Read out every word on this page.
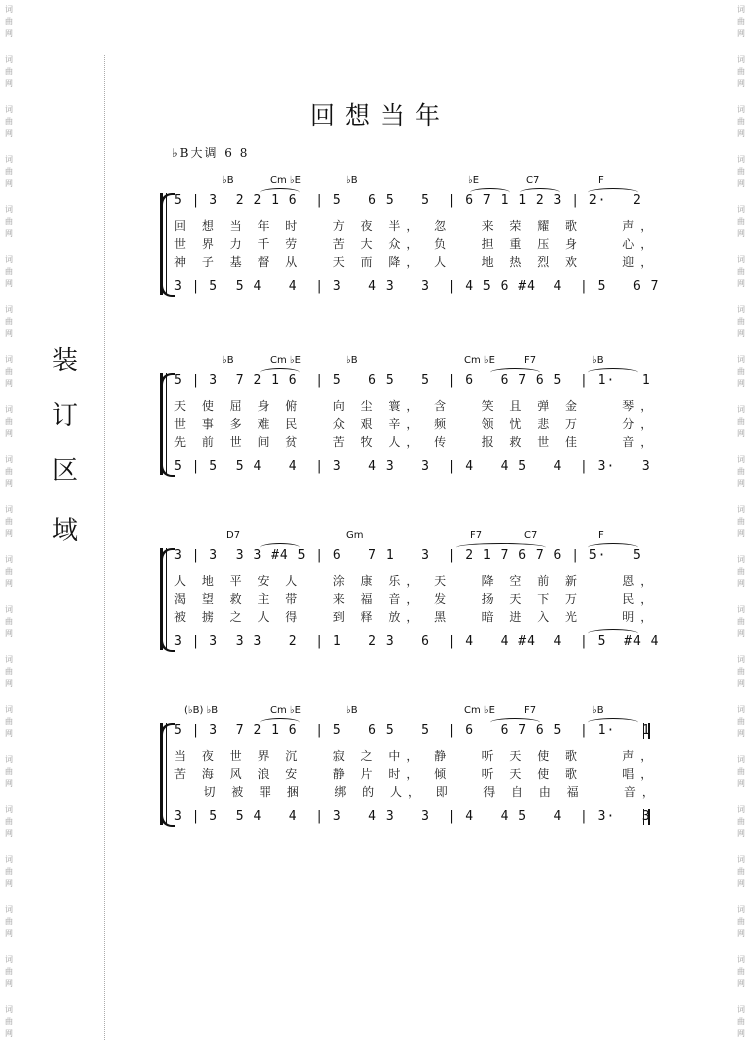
词
曲
网
词
曲
网
词
曲
网
词
曲
网
词
曲
网
词
曲
网
词
曲
网
词
曲
网
词
曲
网
词
曲
网
词
曲
网
词
曲
网
词
曲
网
词
曲
网
词
曲
网
词
曲
网
词
曲
网
词
曲
网
词
曲
网
词
曲
网
词
曲
网
词
曲
网
词
曲
网
词
曲
网
词
曲
网
词
曲
网
词
曲
网
词
曲
网
词
曲
网
词
曲
网
词
曲
网
词
曲
网
词
曲
网
词
曲
网
词
曲
网
词
曲
网
词
曲
网
词
曲
网
词
曲
网
词
曲
网
词
曲
网
词
曲
网
装
订
区
域
回想当年
♭B大调 6 8
♭B	Cm ♭E	♭B	♭E	C7	F
5 | 3  2 2 1 6  | 5   6 5   5  | 6 7 1 1 2 3 | 2·   2
回 想 当 年 时   方 夜 半， 忽   来 荣 耀 歌    声，
世 界 力 千 劳   苦 大 众， 负   担 重 压 身    心，
神 子 基 督 从   天 而 降， 人   地 热 烈 欢    迎，
3 | 5  5 4   4  | 3   4 3   3  | 4 5 6 #4  4  | 5   6 7
♭B	Cm ♭E	♭B	Cm ♭E	F7	♭B
5 | 3  7 2 1 6  | 5   6 5   5  | 6   6 7 6 5  | 1·   1
天 使 屈 身 俯   向 尘 寰， 含   笑 且 弹 金    琴，
世 事 多 难 民   众 艰 辛， 频   领 忧 悲 万    分，
先 前 世 间 贫   苦 牧 人， 传   报 救 世 佳    音，
5 | 5  5 4   4  | 3   4 3   3  | 4   4 5   4  | 3·   3
D7	Gm	F7	C7	F
3 | 3  3 3 #4 5 | 6   7 1   3  | 2 1 7 6 7 6 | 5·   5
人 地 平 安 人   涂 康 乐， 天   降 空 前 新    恩，
渴 望 救 主 带   来 福 音， 发   扬 天 下 万    民，
被 掳 之 人 得   到 释 放， 黑   暗 进 入 光    明，
3 | 3  3 3   2  | 1   2 3   6  | 4   4 #4  4  | 5  #4 4
(♭B) ♭B	Cm ♭E	♭B	Cm ♭E	F7	♭B
5 | 3  7 2 1 6  | 5   6 5   5  | 6   6 7 6 5  | 1·   1
当 夜 世 界 沉   寂 之 中， 静   听 天 使 歌    声，
苦 海 风 浪 安   静 片 时， 倾   听 天 使 歌    唱，
切 被 罪 捆   绑 的 人， 即   得 自 由 福    音，
3 | 5  5 4   4  | 3   4 3   3  | 4   4 5   4  | 3·   3
